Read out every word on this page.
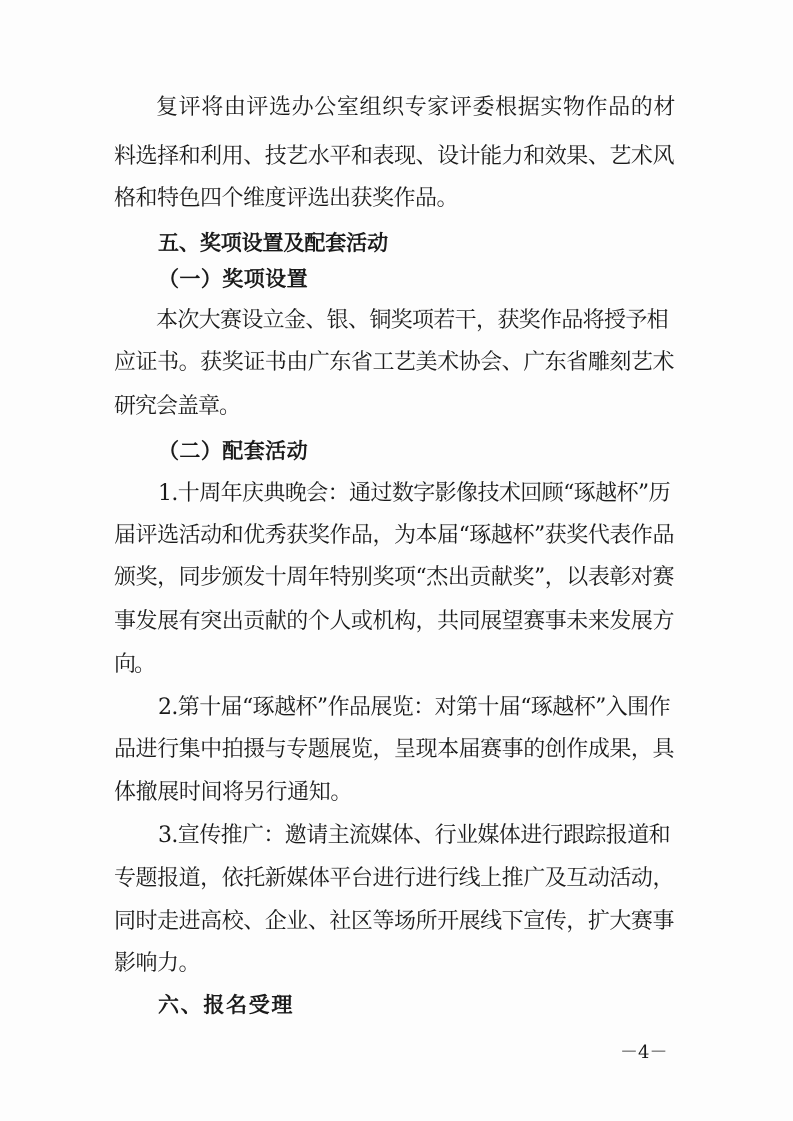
复评将由评选办公室组织专家评委根据实物作品的材
料选择和利用、技艺水平和表现、设计能力和效果、艺术风
格和特色四个维度评选出获奖作品。
五、奖项设置及配套活动
（一）奖项设置
本次大赛设立金、银、铜奖项若干，获奖作品将授予相
应证书。获奖证书由广东省工艺美术协会、广东省雕刻艺术
研究会盖章。
（二）配套活动
1.十周年庆典晚会：通过数字影像技术回顾“琢越杯”历
届评选活动和优秀获奖作品，为本届“琢越杯”获奖代表作品
颁奖，同步颁发十周年特别奖项“杰出贡献奖”，以表彰对赛
事发展有突出贡献的个人或机构，共同展望赛事未来发展方
向。
2.第十届“琢越杯”作品展览：对第十届“琢越杯”入围作
品进行集中拍摄与专题展览，呈现本届赛事的创作成果，具
体撤展时间将另行通知。
3.宣传推广：邀请主流媒体、行业媒体进行跟踪报道和
专题报道，依托新媒体平台进行进行线上推广及互动活动，
同时走进高校、企业、社区等场所开展线下宣传，扩大赛事
影响力。
六、报名受理
－4－
